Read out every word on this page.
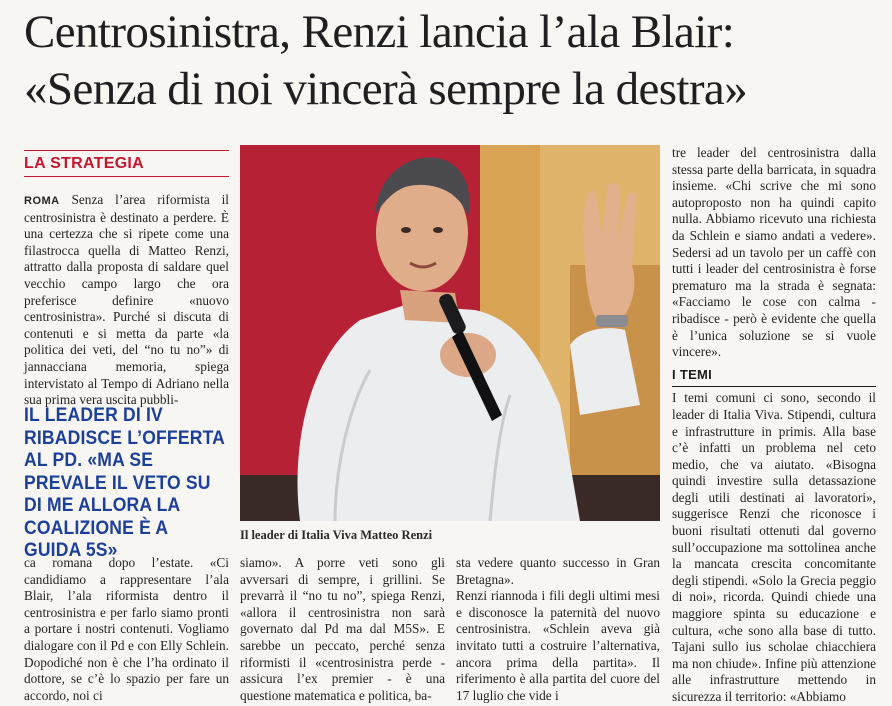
Centrosinistra, Renzi lancia l’ala Blair:
«Senza di noi vincerà sempre la destra»
LA STRATEGIA

ROMA Senza l’area riformista il centrosinistra è destinato a perdere. È una certezza che si ripete come una filastrocca quella di Matteo Renzi, attratto dalla proposta di saldare quel vecchio campo largo che ora preferisce definire «nuovo centrosinistra». Purché si discuta di contenuti e si metta da parte «la politica dei veti, del “no tu no”» di jannacciana memoria, spiega intervistato al Tempo di Adriano nella sua prima vera uscita pubbli-

IL LEADER DI IV RIBADISCE L’OFFERTA AL PD. «MA SE PREVALE IL VETO SU DI ME ALLORA LA COALIZIONE È A GUIDA 5S»

ca romana dopo l’estate. «Ci candidiamo a rappresentare l’ala Blair, l’ala riformista dentro il centrosinistra e per farlo siamo pronti a portare i nostri contenuti. Vogliamo dialogare con il Pd e con Elly Schlein. Dopodiché non è che l’ha ordinato il dottore, se c’è lo spazio per fare un accordo, noi ci

Il leader di Italia Viva Matteo Renzi

siamo». A porre veti sono gli avversari di sempre, i grillini. Se prevarrà il “no tu no”, spiega Renzi, «allora il centrosinistra non sarà governato dal Pd ma dal M5S». E sarebbe un peccato, perché senza riformisti il «centrosinistra perde - assicura l’ex premier - è una questione matematica e politica, ba-

sta vedere quanto successo in Gran Bretagna».

Renzi riannoda i fili degli ultimi mesi e disconosce la paternità del nuovo centrosinistra. «Schlein aveva già invitato tutti a costruire l’alternativa, ancora prima della partita». Il riferimento è alla partita del cuore del 17 luglio che vide i

tre leader del centrosinistra dalla stessa parte della barricata, in squadra insieme. «Chi scrive che mi sono autoproposto non ha quindi capito nulla. Abbiamo ricevuto una richiesta da Schlein e siamo andati a vedere». Sedersi ad un tavolo per un caffè con tutti i leader del centrosinistra è forse prematuro ma la strada è segnata: «Facciamo le cose con calma - ribadisce - però è evidente che quella è l’unica soluzione se si vuole vincere».

I TEMI

I temi comuni ci sono, secondo il leader di Italia Viva. Stipendi, cultura e infrastrutture in primis. Alla base c’è infatti un problema nel ceto medio, che va aiutato. «Bisogna quindi investire sulla detassazione degli utili destinati ai lavoratori», suggerisce Renzi che riconosce i buoni risultati ottenuti dal governo sull’occupazione ma sottolinea anche la mancata crescita concomitante degli stipendi. «Solo la Grecia peggio di noi», ricorda. Quindi chiede una maggiore spinta su educazione e cultura, «che sono alla base di tutto. Tajani sullo ius scholae chiacchiera ma non chiude». Infine più attenzione alle infrastrutture mettendo in sicurezza il territorio: «Abbiamo
